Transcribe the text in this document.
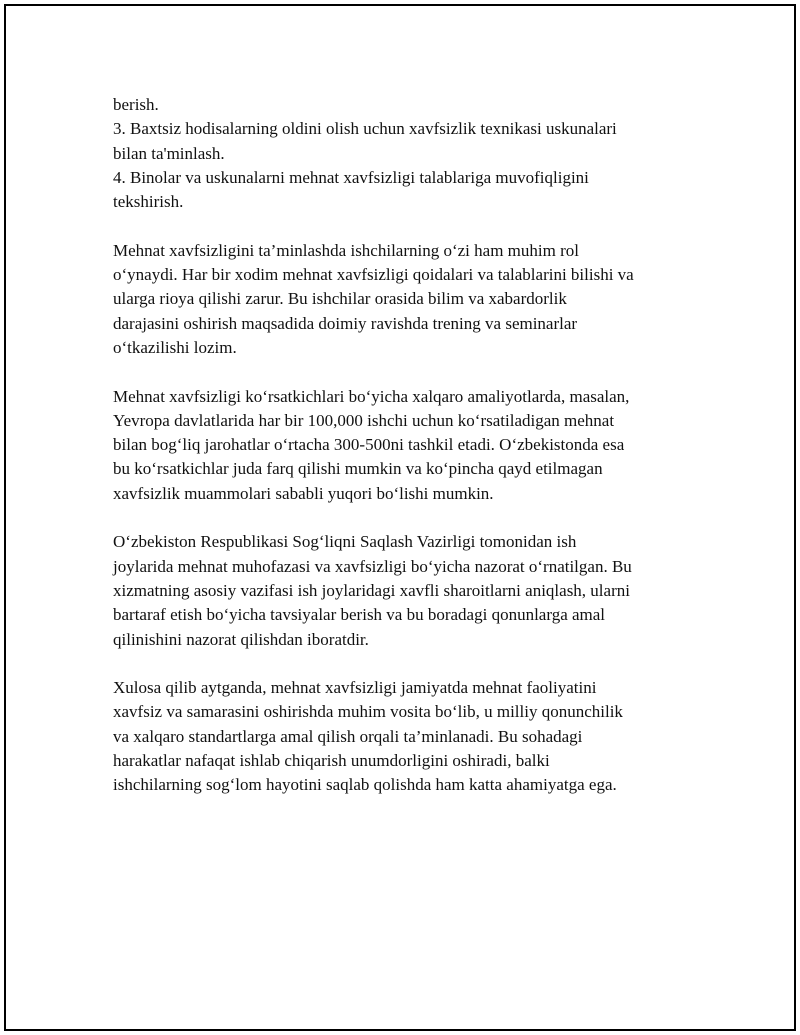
berish.
3. Baxtsiz hodisalarning oldini olish uchun xavfsizlik texnikasi uskunalari
bilan ta'minlash.
4. Binolar va uskunalarni mehnat xavfsizligi talablariga muvofiqligini
tekshirish.

Mehnat xavfsizligini ta’minlashda ishchilarning o‘zi ham muhim rol
o‘ynaydi. Har bir xodim mehnat xavfsizligi qoidalari va talablarini bilishi va
ularga rioya qilishi zarur. Bu ishchilar orasida bilim va xabardorlik
darajasini oshirish maqsadida doimiy ravishda trening va seminarlar
o‘tkazilishi lozim.

Mehnat xavfsizligi ko‘rsatkichlari bo‘yicha xalqaro amaliyotlarda, masalan,
Yevropa davlatlarida har bir 100,000 ishchi uchun ko‘rsatiladigan mehnat
bilan bog‘liq jarohatlar o‘rtacha 300-500ni tashkil etadi. O‘zbekistonda esa
bu ko‘rsatkichlar juda farq qilishi mumkin va ko‘pincha qayd etilmagan
xavfsizlik muammolari sababli yuqori bo‘lishi mumkin.

O‘zbekiston Respublikasi Sog‘liqni Saqlash Vazirligi tomonidan ish
joylarida mehnat muhofazasi va xavfsizligi bo‘yicha nazorat o‘rnatilgan. Bu
xizmatning asosiy vazifasi ish joylaridagi xavfli sharoitlarni aniqlash, ularni
bartaraf etish bo‘yicha tavsiyalar berish va bu boradagi qonunlarga amal
qilinishini nazorat qilishdan iboratdir.

Xulosa qilib aytganda, mehnat xavfsizligi jamiyatda mehnat faoliyatini
xavfsiz va samarasini oshirishda muhim vosita bo‘lib, u milliy qonunchilik
va xalqaro standartlarga amal qilish orqali ta’minlanadi. Bu sohadagi
harakatlar nafaqat ishlab chiqarish unumdorligini oshiradi, balki
ishchilarning sog‘lom hayotini saqlab qolishda ham katta ahamiyatga ega.
